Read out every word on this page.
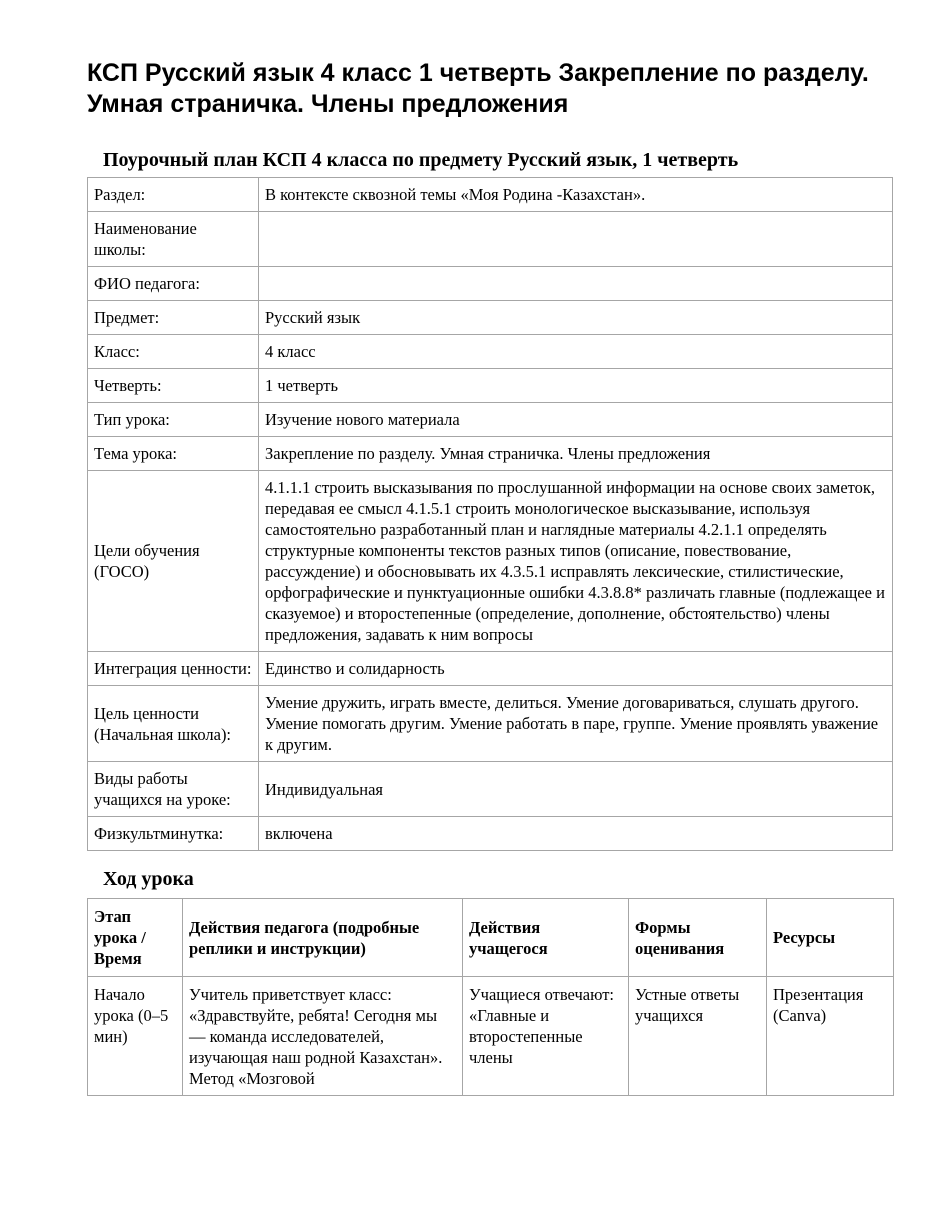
КСП Русский язык 4 класс 1 четверть Закрепление по разделу. Умная страничка. Члены предложения
Поурочный план КСП 4 класса по предмету Русский язык, 1 четверть
Раздел:	В контексте сквозной темы «Моя Родина -Казахстан».
Наименование школы:	
ФИО педагога:	
Предмет:	Русский язык
Класс:	4 класс
Четверть:	1 четверть
Тип урока:	Изучение нового материала
Тема урока:	Закрепление по разделу. Умная страничка. Члены предложения
Цели обучения (ГОСО)	4.1.1.1 строить высказывания по прослушанной информации на основе своих заметок, передавая ее смысл 4.1.5.1 строить монологическое высказывание, используя самостоятельно разработанный план и наглядные материалы 4.2.1.1 определять структурные компоненты текстов разных типов (описание, повествование, рассуждение) и обосновывать их 4.3.5.1 исправлять лексические, стилистические, орфографические и пунктуационные ошибки 4.3.8.8* различать главные (подлежащее и сказуемое) и второстепенные (определение, дополнение, обстоятельство) члены предложения, задавать к ним вопросы
Интеграция ценности:	Единство и солидарность
Цель ценности (Начальная школа):	Умение дружить, играть вместе, делиться. Умение договариваться, слушать другого. Умение помогать другим. Умение работать в паре, группе. Умение проявлять уважение к другим.
Виды работы учащихся на уроке:	Индивидуальная
Физкультминутка:	включена
Ход урока
Этап урока / Время	Действия педагога (подробные реплики и инструкции)	Действия учащегося	Формы оценивания	Ресурсы
Начало урока (0–5 мин)	Учитель приветствует класс: «Здравствуйте, ребята! Сегодня мы — команда исследователей, изучающая наш родной Казахстан». Метод «Мозговой	Учащиеся отвечают: «Главные и второстепенные члены	Устные ответы учащихся	Презентация (Canva)
